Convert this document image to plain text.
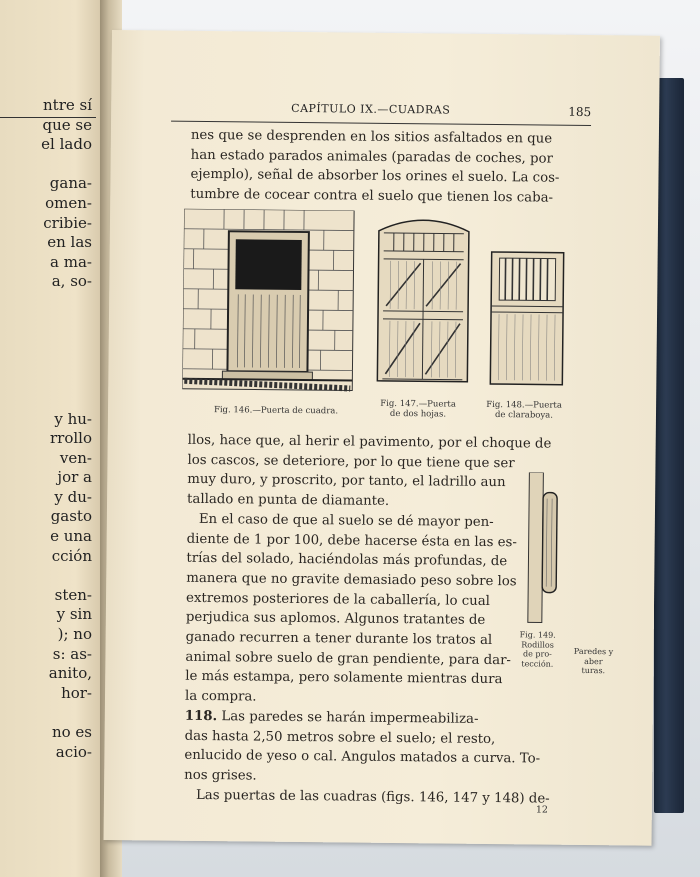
ntre sí
que se
el lado

ganа-
omen-
cribie-
en las
a ma-
a, so-

y hu-
rrollo
ven-
jor a
y du-
gasto
e una
cción

sten-
y sin
); no
s: as-
anito,
hor-

no es
acio-
CAPÍTULO IX.—CUADRAS	185
nes que se desprenden en los sitios asfaltados en que
han estado parados animales (paradas de coches, por
ejemplo), señal de absorber los orines el suelo. La cos-
tumbre de cocear contra el suelo que tienen los caba-
Fig. 146.—Puerta de cuadra.
Fig. 147.—Puerta
de dos hojas.
Fig. 148.—Puerta
de claraboya.
llos, hace que, al herir el pavimento, por el choque de
los cascos, se deteriore, por lo que tiene que ser
muy duro, y proscrito, por tanto, el ladrillo aun
tallado en punta de diamante.
En el caso de que al suelo se dé mayor pen-
diente de 1 por 100, debe hacerse ésta en las es-
trías del solado, haciéndolas más profundas, de
manera que no gravite demasiado peso sobre los
extremos posteriores de la caballería, lo cual
perjudica sus aplomos. Algunos tratantes de
ganado recurren a tener durante los tratos al
animal sobre suelo de gran pendiente, para dar-
le más estampa, pero solamente mientras dura
la compra.
118. Las paredes se harán impermeabiliza-
das hasta 2,50 metros sobre el suelo; el resto,
enlucido de yeso o cal. Angulos matados a curva. To-
nos grises.
Las puertas de las cuadras (figs. 146, 147 y 148) de-
Fig. 149.
Rodillos
de pro-
tección.
Paredes y aber
turas.
12
